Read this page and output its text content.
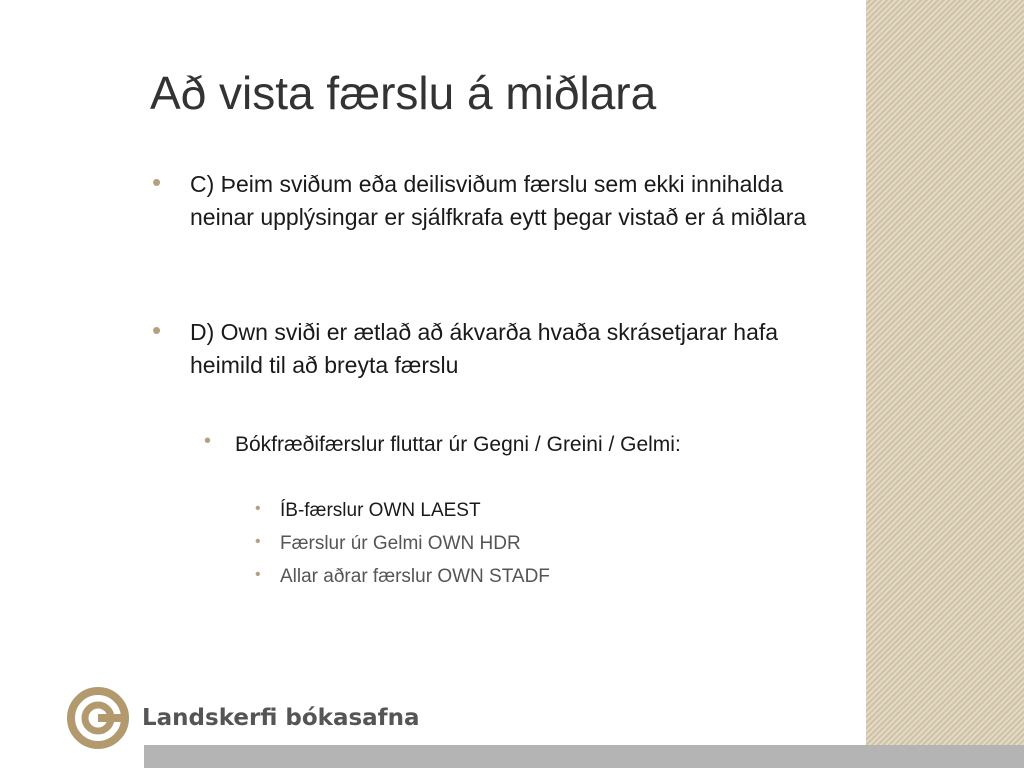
Að vista færslu á miðlara
•	C) Þeim sviðum eða deilisviðum færslu sem ekki innihalda neinar upplýsingar er sjálfkrafa eytt þegar vistað er á miðlara
•	D) Own sviði er ætlað að ákvarða hvaða skrásetjarar hafa heimild til að breyta færslu
•	Bókfræðifærslur fluttar úr Gegni / Greini / Gelmi:
•	ÍB-færslur OWN LAEST
•	Færslur úr Gelmi OWN HDR
•	Allar aðrar færslur OWN STADF
Landskerfi bókasafna
